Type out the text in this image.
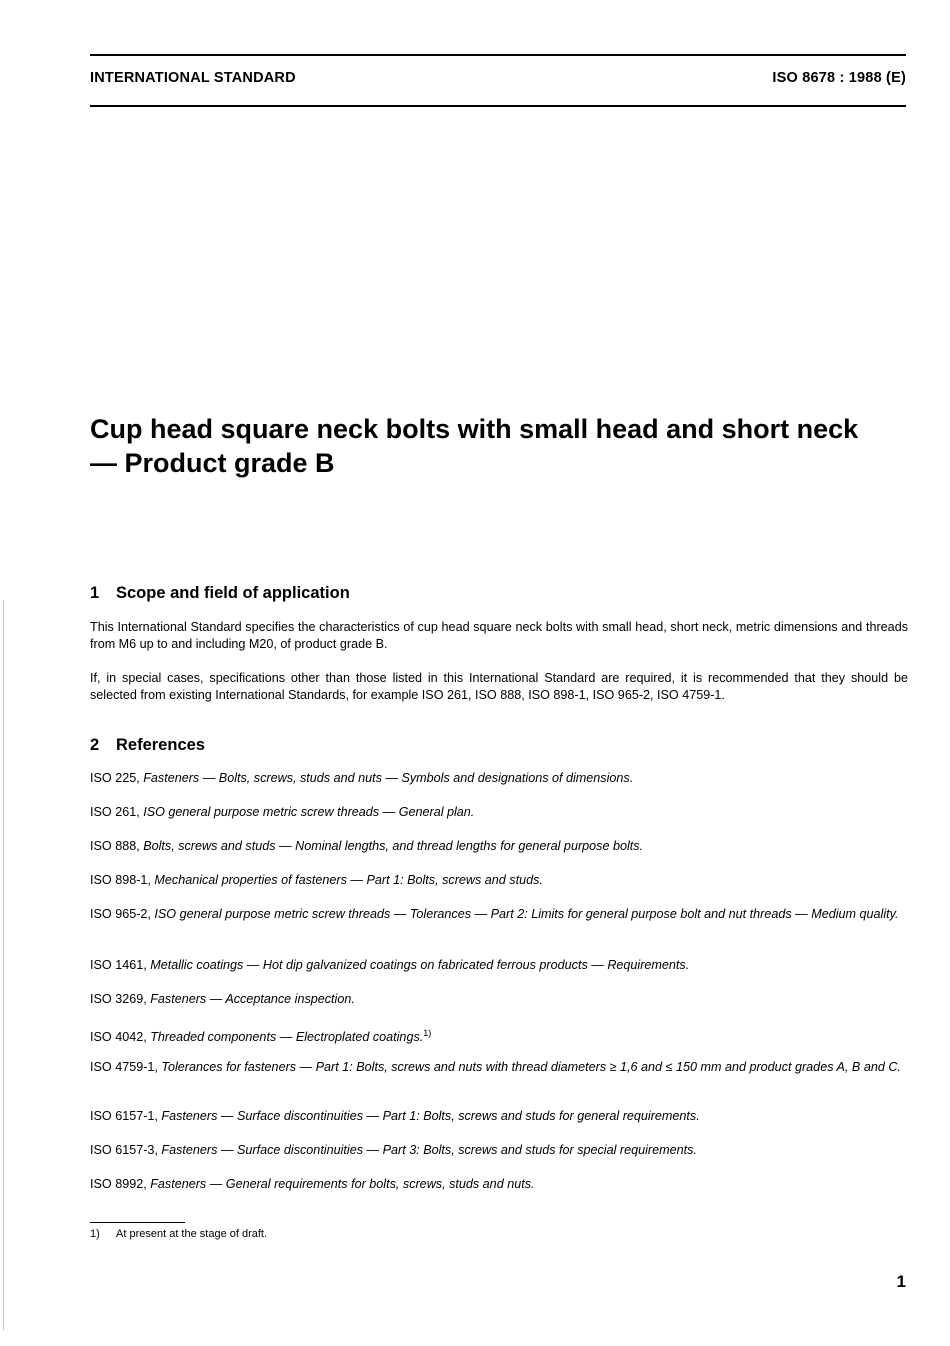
INTERNATIONAL STANDARD	ISO 8678 : 1988 (E)
Cup head square neck bolts with small head and short neck — Product grade B
1 Scope and field of application
This International Standard specifies the characteristics of cup head square neck bolts with small head, short neck, metric dimensions and threads from M6 up to and including M20, of product grade B.
If, in special cases, specifications other than those listed in this International Standard are required, it is recommended that they should be selected from existing International Standards, for example ISO 261, ISO 888, ISO 898-1, ISO 965-2, ISO 4759-1.
2 References
ISO 225, Fasteners — Bolts, screws, studs and nuts — Symbols and designations of dimensions.
ISO 261, ISO general purpose metric screw threads — General plan.
ISO 888, Bolts, screws and studs — Nominal lengths, and thread lengths for general purpose bolts.
ISO 898-1, Mechanical properties of fasteners — Part 1: Bolts, screws and studs.
ISO 965-2, ISO general purpose metric screw threads — Tolerances — Part 2: Limits for general purpose bolt and nut threads — Medium quality.
ISO 1461, Metallic coatings — Hot dip galvanized coatings on fabricated ferrous products — Requirements.
ISO 3269, Fasteners — Acceptance inspection.
ISO 4042, Threaded components — Electroplated coatings.$^{1)}$
ISO 4759-1, Tolerances for fasteners — Part 1: Bolts, screws and nuts with thread diameters ≥ 1,6 and ≤ 150 mm and product grades A, B and C.
ISO 6157-1, Fasteners — Surface discontinuities — Part 1: Bolts, screws and studs for general requirements.
ISO 6157-3, Fasteners — Surface discontinuities — Part 3: Bolts, screws and studs for special requirements.
ISO 8992, Fasteners — General requirements for bolts, screws, studs and nuts.
1) At present at the stage of draft.
1
